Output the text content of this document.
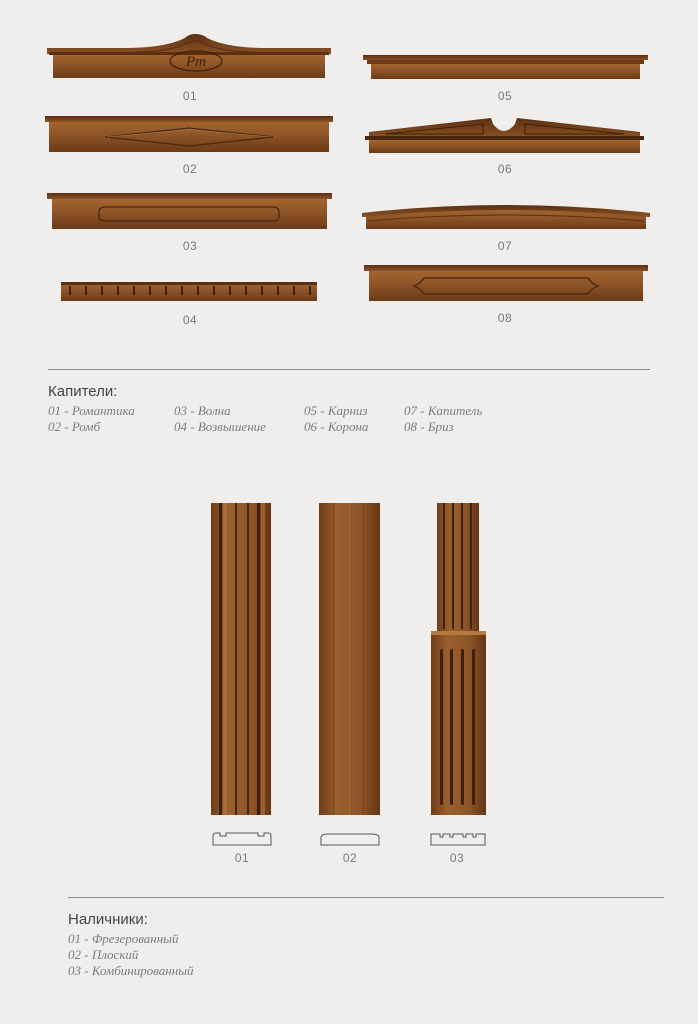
Pm
01
02
03
04
05
06
07
08
Капители:
01 - Романтика
02 - Ромб
03 - Волна
04 - Возвышение
05 - Карниз
06 - Корона
07 - Капитель
08 - Бриз
01	02	03
Наличники:
01 - Фрезерованный
02 - Плоский
03 - Комбинированный
